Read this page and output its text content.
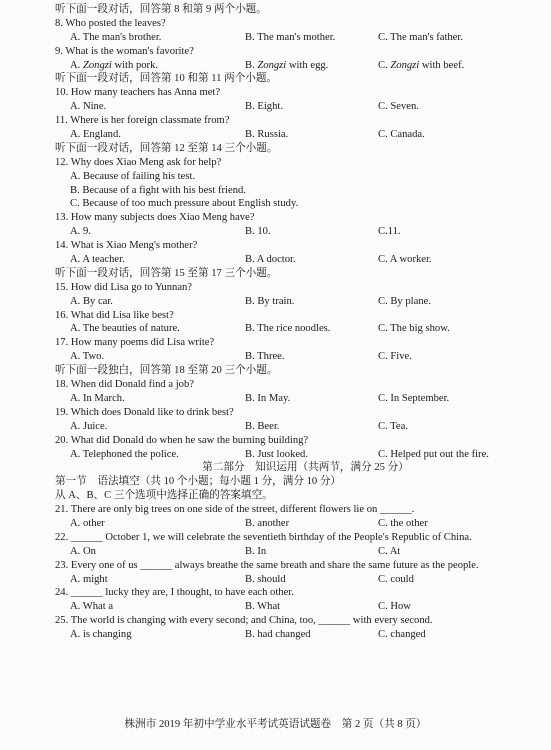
听下面一段对话，回答第 8 和第 9 两个小题。
8. Who posted the leaves?
A. The man's brother.	B. The man's mother.	C. The man's father.
9. What is the woman's favorite?
A. Zongzi with pork.	B. Zongzi with egg.	C. Zongzi with beef.
听下面一段对话，回答第 10 和第 11 两个小题。
10. How many teachers has Anna met?
A. Nine.	B. Eight.	C. Seven.
11. Where is her foreign classmate from?
A. England.	B. Russia.	C. Canada.
听下面一段对话，回答第 12 至第 14 三个小题。
12. Why does Xiao Meng ask for help?
A. Because of failing his test.
B. Because of a fight with his best friend.
C. Because of too much pressure about English study.
13. How many subjects does Xiao Meng have?
A. 9.	B. 10.	C.11.
14. What is Xiao Meng's mother?
A. A teacher.	B. A doctor.	C. A worker.
听下面一段对话，回答第 15 至第 17 三个小题。
15. How did Lisa go to Yunnan?
A. By car.	B. By train.	C. By plane.
16. What did Lisa like best?
A. The beauties of nature.	B. The rice noodles.	C. The big show.
17. How many poems did Lisa write?
A. Two.	B. Three.	C. Five.
听下面一段独白，回答第 18 至第 20 三个小题。
18. When did Donald find a job?
A. In March.	B. In May.	C. In September.
19. Which does Donald like to drink best?
A. Juice.	B. Beer.	C. Tea.
20. What did Donald do when he saw the burning building?
A. Telephoned the police.	B. Just looked.	C. Helped put out the fire.
第二部分　知识运用（共两节，满分 25 分）
第一节　语法填空（共 10 个小题；每小题 1 分，满分 10 分）
从 A、B、C 三个选项中选择正确的答案填空。
21. There are only big trees on one side of the street, different flowers lie on ______.
A. other	B. another	C. the other
22. ______ October 1, we will celebrate the seventieth birthday of the People's Republic of China.
A. On	B. In	C. At
23. Every one of us ______ always breathe the same breath and share the same future as the people.
A. might	B. should	C. could
24. ______ lucky they are, I thought, to have each other.
A. What a	B. What	C. How
25. The world is changing with every second; and China, too, ______ with every second.
A. is changing	B. had changed	C. changed
株洲市 2019 年初中学业水平考试英语试题卷　第 2 页（共 8 页）
